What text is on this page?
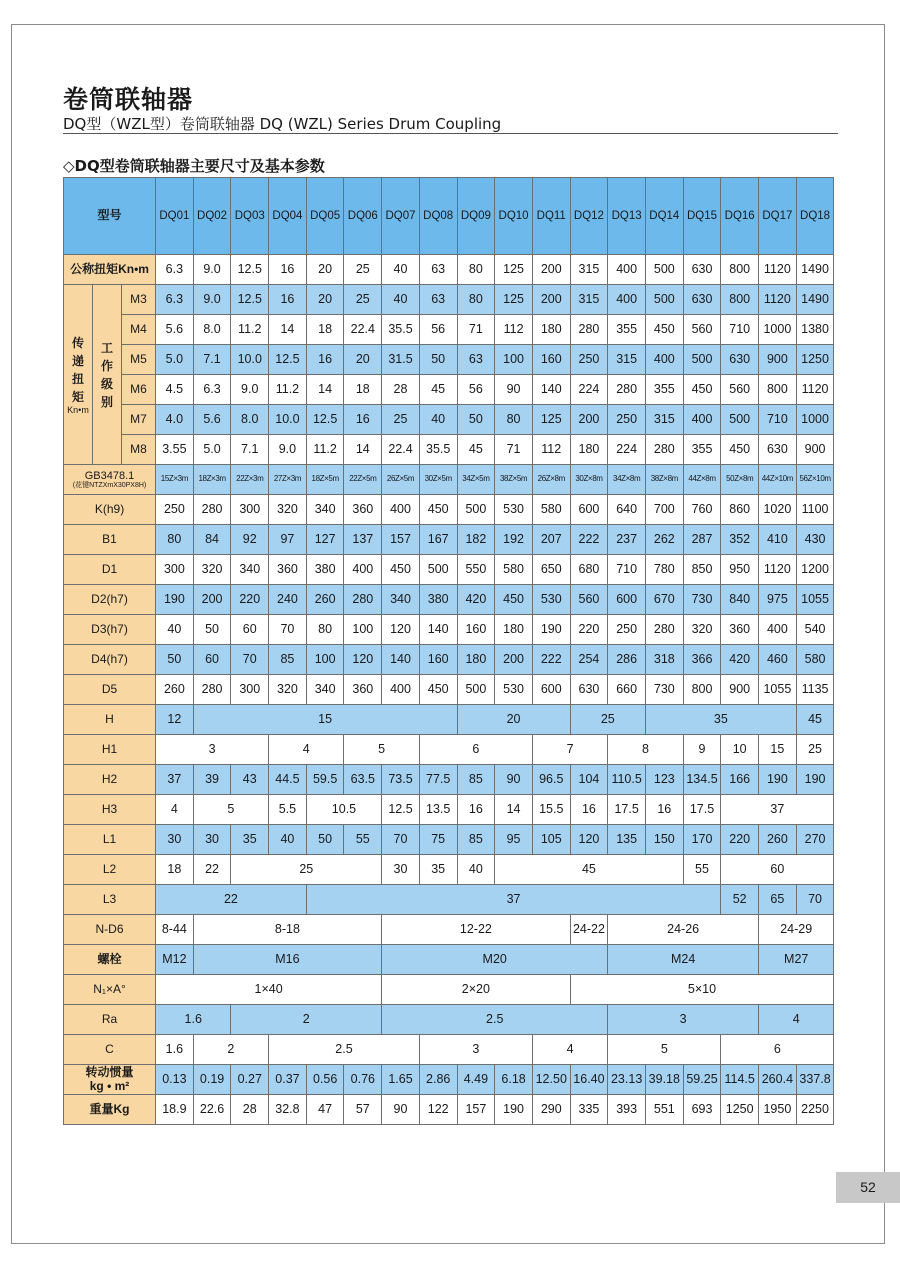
卷筒联轴器
DQ型（WZL型）卷筒联轴器 DQ (WZL) Series Drum Coupling
◇DQ型卷筒联轴器主要尺寸及基本参数
型号			DQ01	DQ02	DQ03	DQ04	DQ05	DQ06	DQ07	DQ08	DQ09	DQ10	DQ11	DQ12	DQ13	DQ14	DQ15	DQ16	DQ17	DQ18	
公称扭矩Kn•m			6.3	9.0	12.5	16	20	25	40	63	80	125	200	315	400	500	630	800	1120	1490	
传
递
扭
矩

Kn•m	工
作
级
别	M3	6.3	9.0	12.5	16	20	25	40	63	80	125	200	315	400	500	630	800	1120	1490	
		M4	5.6	8.0	11.2	14	18	22.4	35.5	56	71	112	180	280	355	450	560	710	1000	1380	
		M5	5.0	7.1	10.0	12.5	16	20	31.5	50	63	100	160	250	315	400	500	630	900	1250	
		M6	4.5	6.3	9.0	11.2	14	18	28	45	56	90	140	224	280	355	450	560	800	1120	
		M7	4.0	5.6	8.0	10.0	12.5	16	25	40	50	80	125	200	250	315	400	500	710	1000	
		M8	3.55	5.0	7.1	9.0	11.2	14	22.4	35.5	45	71	112	180	224	280	355	450	630	900	

GB3478.1
(花键NTZXmX30PX8H)			15Z×3m	18Z×3m	22Z×3m	27Z×3m	18Z×5m	22Z×5m	26Z×5m	30Z×5m	34Z×5m	38Z×5m	26Z×8m	30Z×8m	34Z×8m	38Z×8m	44Z×8m	50Z×8m	44Z×10m	56Z×10m	
K(h9)			250	280	300	320	340	360	400	450	500	530	580	600	640	700	760	860	1020	1100	
B1			80	84	92	97	127	137	157	167	182	192	207	222	237	262	287	352	410	430	
D1			300	320	340	360	380	400	450	500	550	580	650	680	710	780	850	950	1120	1200	
D2(h7)			190	200	220	240	260	280	340	380	420	450	530	560	600	670	730	840	975	1055	
D3(h7)			40	50	60	70	80	100	120	140	160	180	190	220	250	280	320	360	400	540	
D4(h7)			50	60	70	85	100	120	140	160	180	200	222	254	286	318	366	420	460	580	
D5			260	280	300	320	340	360	400	450	500	530	600	630	660	730	800	900	1055	1135	
H			12	15							20			25		35				45		
H1			3			4		5		6			7		8		9	10	15	25	
H2			37	39	43	44.5	59.5	63.5	73.5	77.5	85	90	96.5	104	110.5	123	134.5	166	190	190	
H3			4	5		5.5	10.5		12.5	13.5	16	14	15.5	16	17.5	16	17.5	37			
L1			30	30	35	40	50	55	70	75	85	95	105	120	135	150	170	220	260	270	
L2			18	22	25				30	35	40	45					55	60			
L3			22				37											52	65	70	
N-D6			8-44	8-18					12-22					24-22	24-26				24-29		
螺栓			M12	M16					M20						M24				M27		
N₁×A°			1×40						2×20					5×10							
Ra			1.6		2				2.5						3				4		
C			1.6	2		2.5				3			4		5			6			

转动惯量
kg • m²			0.13	0.19	0.27	0.37	0.56	0.76	1.65	2.86	4.49	6.18	12.50	16.40	23.13	39.18	59.25	114.5	260.4	337.8	
重量Kg			18.9	22.6	28	32.8	47	57	90	122	157	190	290	335	393	551	693	1250	1950	2250	
52
